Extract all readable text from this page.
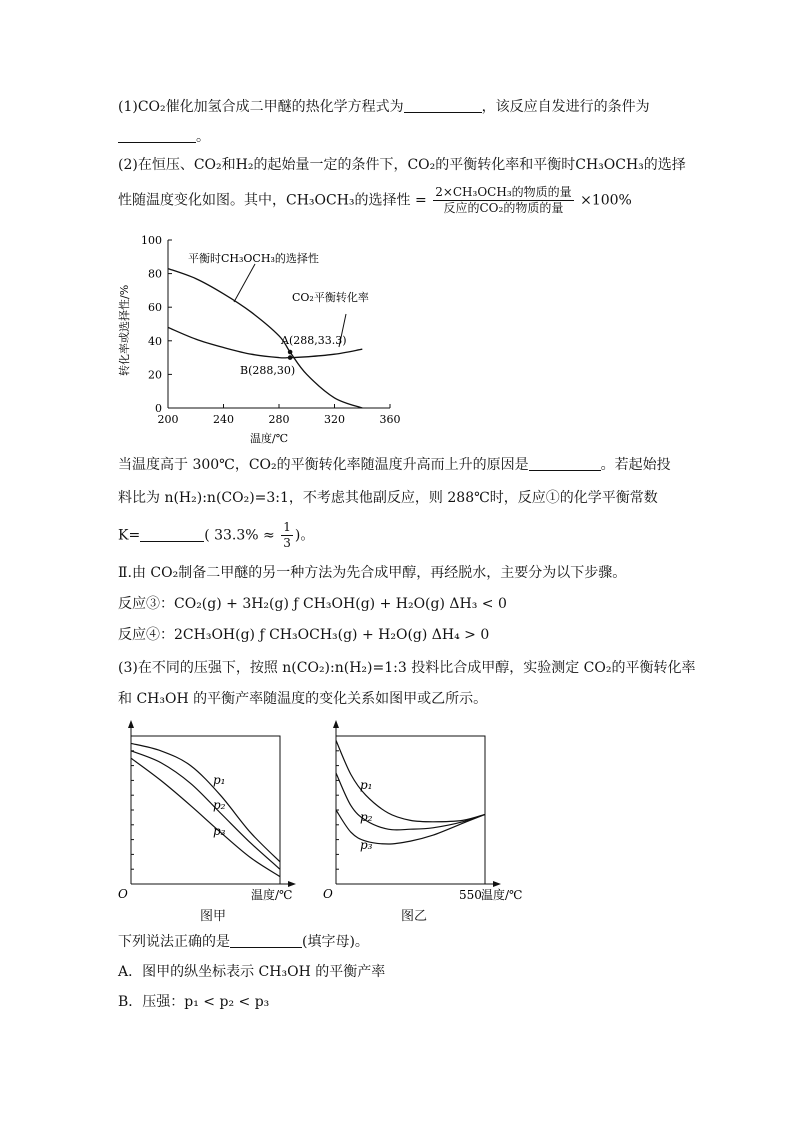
(1)CO₂催化加氢合成二甲醚的热化学方程式为	，该反应自发进行的条件为
。
(2)在恒压、CO₂和H₂的起始量一定的条件下，CO₂的平衡转化率和平衡时CH₃OCH₃的选择
性随温度变化如图。其中，CH₃OCH₃的选择性 = $\frac{\text{2×CH₃OCH₃的物质的量}}{\text{反应的CO₂的物质的量}} \times 100\%$
0
20
40
60
80
100
200	240	280	320	360
平衡时CH₃OCH₃的选择性
CO₂平衡转化率
A(288,33.3)
B(288,30)
转化率或选择性/%
温度/℃
当温度高于 300℃，CO₂的平衡转化率随温度升高而上升的原因是	。若起始投
料比为 n(H₂):n(CO₂)=3:1，不考虑其他副反应，则 288℃时，反应①的化学平衡常数
K=	( $33.3\% \approx \frac{1}{3}$ )。
Ⅱ.由 CO₂制备二甲醚的另一种方法为先合成甲醇，再经脱水，主要分为以下步骤。
反应③：CO₂(g) + 3H₂(g) ƒ CH₃OH(g) + H₂O(g) ΔH₃ < 0
反应④：2CH₃OH(g) ƒ CH₃OCH₃(g) + H₂O(g) ΔH₄ > 0
(3)在不同的压强下，按照 n(CO₂):n(H₂)=1:3 投料比合成甲醇，实验测定 CO₂的平衡转化率
和 CH₃OH 的平衡产率随温度的变化关系如图甲或乙所示。
O	温度/℃
p₁
p₂
p₃
图甲
O	550 温度/℃
p₁
p₂
p₃
图乙
下列说法正确的是	(填字母)。
A．图甲的纵坐标表示 CH₃OH 的平衡产率
B．压强：p₁ < p₂ < p₃
